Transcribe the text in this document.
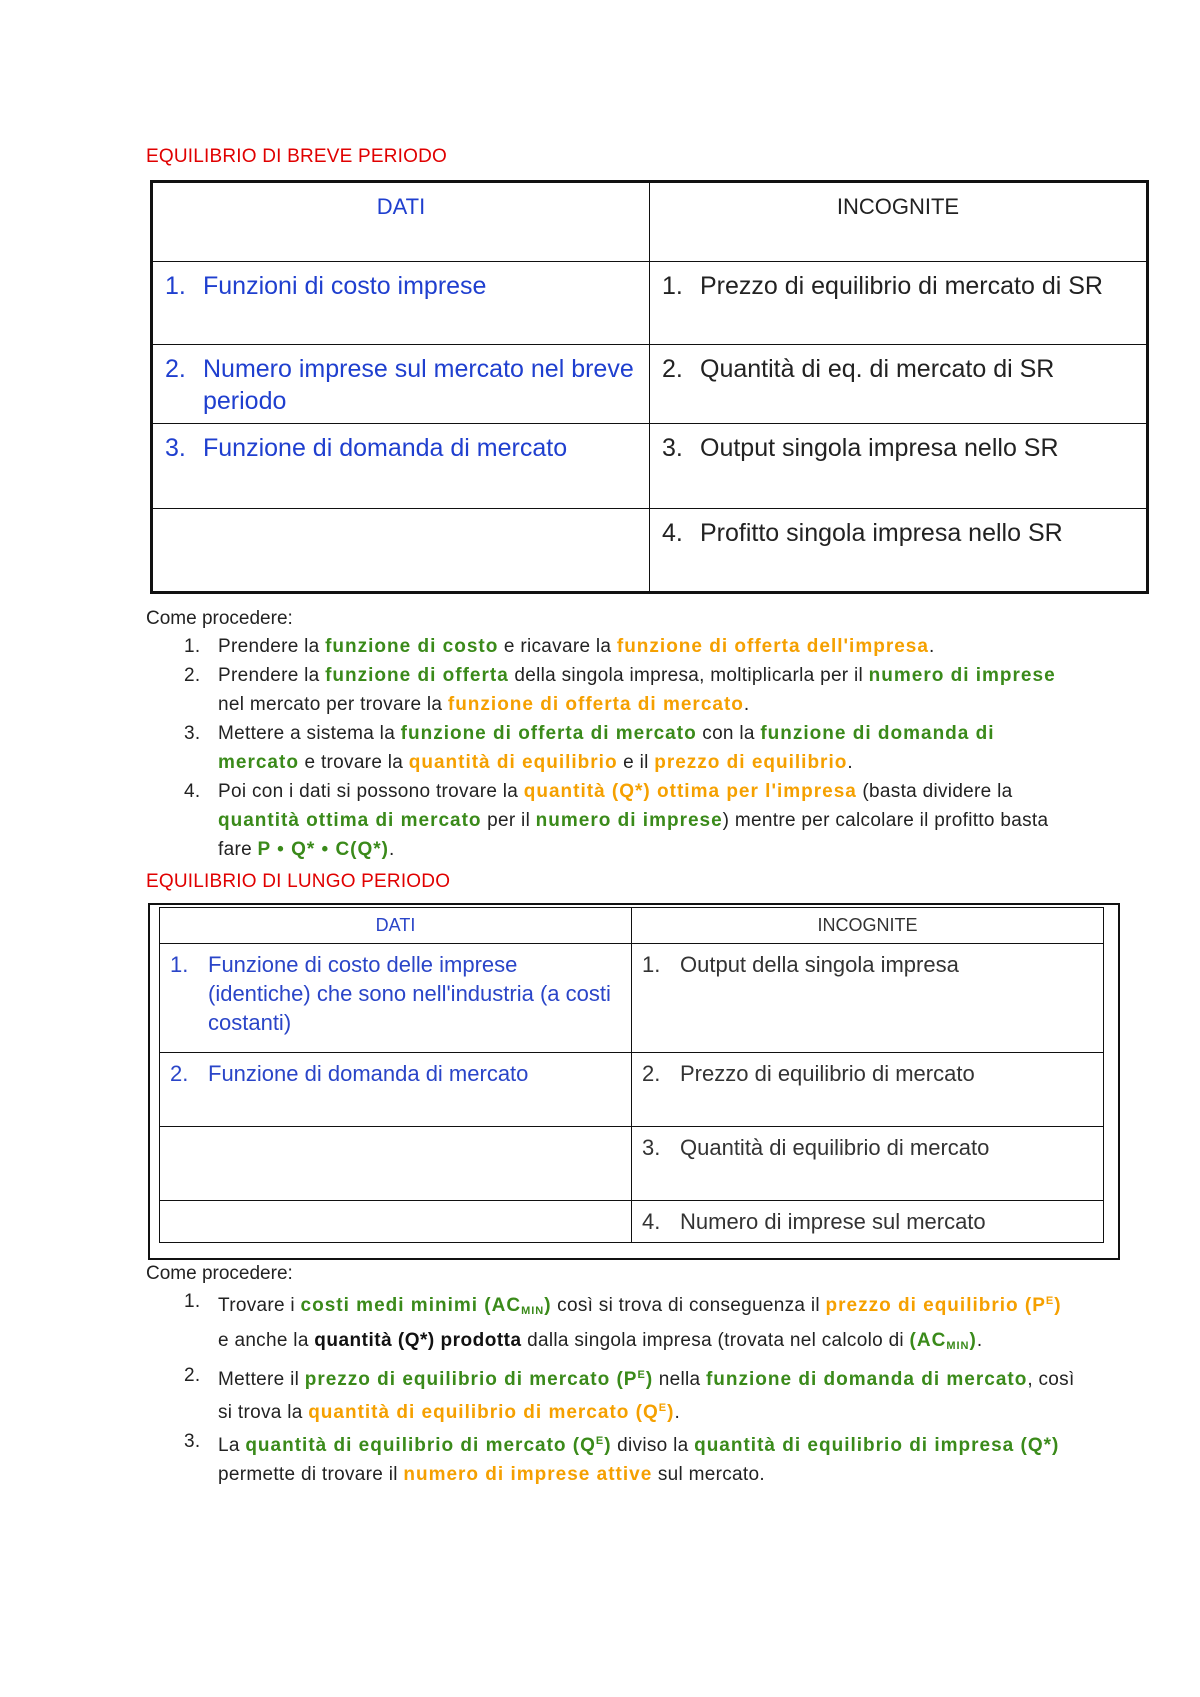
EQUILIBRIO DI BREVE PERIODO
DATI	INCOGNITE

1. Funzioni di costo imprese	1. Prezzo di equilibrio di mercato di SR

2. Numero imprese sul mercato nel breve periodo	2. Quantità di eq. di mercato di SR

3. Funzione di domanda di mercato	3. Output singola impresa nello SR

	4. Profitto singola impresa nello SR
Come procedere:
1. Prendere la funzione di costo e ricavare la funzione di offerta dell'impresa.
2. Prendere la funzione di offerta della singola impresa, moltiplicarla per il numero di imprese nel mercato per trovare la funzione di offerta di mercato.
3. Mettere a sistema la funzione di offerta di mercato con la funzione di domanda di mercato e trovare la quantità di equilibrio e il prezzo di equilibrio.
4. Poi con i dati si possono trovare la quantità (Q*) ottima per l'impresa (basta dividere la quantità ottima di mercato per il numero di imprese) mentre per calcolare il profitto basta fare P • Q* • C(Q*).
EQUILIBRIO DI LUNGO PERIODO
DATI	INCOGNITE

1. Funzione di costo delle imprese (identiche) che sono nell'industria (a costi costanti)	1. Output della singola impresa

2. Funzione di domanda di mercato	2. Prezzo di equilibrio di mercato

	3. Quantità di equilibrio di mercato

	4. Numero di imprese sul mercato
Come procedere:
1. Trovare i costi medi minimi $(AC_{MIN})$ così si trova di conseguenza il prezzo di equilibrio $(P^E)$ e anche la quantità (Q*) prodotta dalla singola impresa (trovata nel calcolo di $(AC_{MIN})$.
2. Mettere il prezzo di equilibrio di mercato $(P^E)$ nella funzione di domanda di mercato, così si trova la quantità di equilibrio di mercato $(Q^E)$.
3. La quantità di equilibrio di mercato $(Q^E)$ diviso la quantità di equilibrio di impresa (Q*) permette di trovare il numero di imprese attive sul mercato.
